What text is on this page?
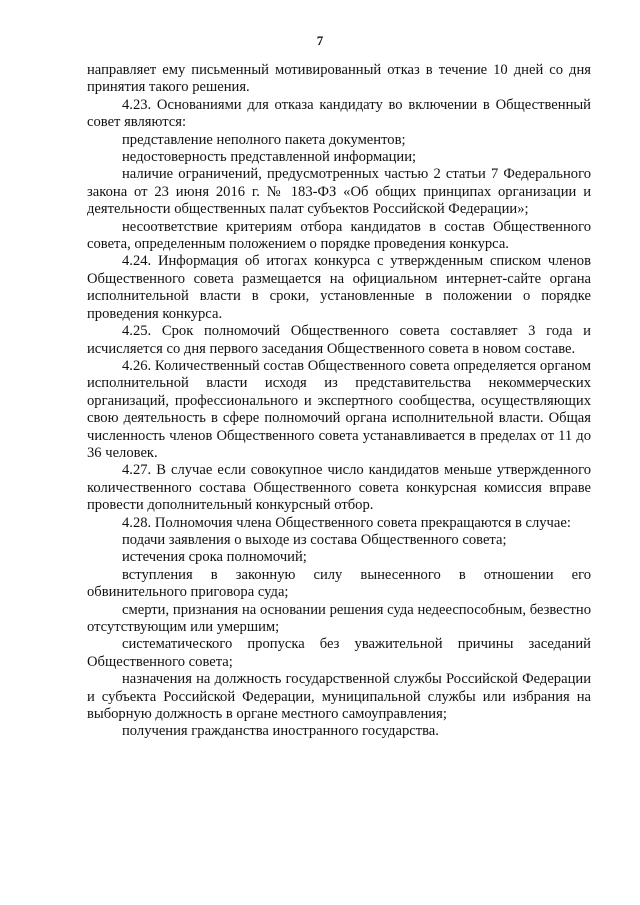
7

направляет ему письменный мотивированный отказ в течение 10 дней со дня принятия такого решения.

4.23. Основаниями для отказа кандидату во включении в Общественный совет являются:

представление неполного пакета документов;

недостоверность представленной информации;

наличие ограничений, предусмотренных частью 2 статьи 7 Федерального закона от 23 июня 2016 г. № 183-ФЗ «Об общих принципах организации и деятельности общественных палат субъектов Российской Федерации»;

несоответствие критериям отбора кандидатов в состав Общественного совета, определенным положением о порядке проведения конкурса.

4.24. Информация об итогах конкурса с утвержденным списком членов Общественного совета размещается на официальном интернет-сайте органа исполнительной власти в сроки, установленные в положении о порядке проведения конкурса.

4.25. Срок полномочий Общественного совета составляет 3 года и исчисляется со дня первого заседания Общественного совета в новом составе.

4.26. Количественный состав Общественного совета определяется органом исполнительной власти исходя из представительства некоммерческих организаций, профессионального и экспертного сообщества, осуществляющих свою деятельность в сфере полномочий органа исполнительной власти. Общая численность членов Общественного совета устанавливается в пределах от 11 до 36 человек.

4.27. В случае если совокупное число кандидатов меньше утвержденного количественного состава Общественного совета конкурсная комиссия вправе провести дополнительный конкурсный отбор.

4.28. Полномочия члена Общественного совета прекращаются в случае:

подачи заявления о выходе из состава Общественного совета;

истечения срока полномочий;

вступления в законную силу вынесенного в отношении его обвинительного приговора суда;

смерти, признания на основании решения суда недееспособным, безвестно отсутствующим или умершим;

систематического пропуска без уважительной причины заседаний Общественного совета;

назначения на должность государственной службы Российской Федерации и субъекта Российской Федерации, муниципальной службы или избрания на выборную должность в органе местного самоуправления;

получения гражданства иностранного государства.
